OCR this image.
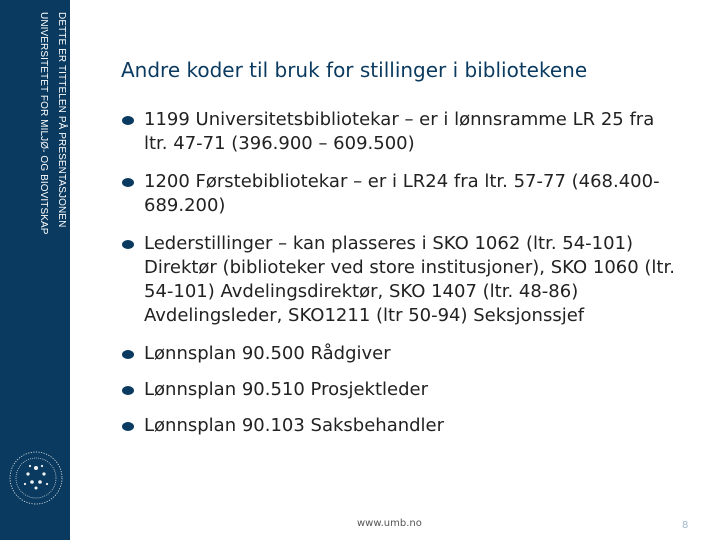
DETTE ER TITTELEN PÅ PRESENTASJONEN
UNIVERSITETET FOR MILJØ- OG BIOVITSKAP	Andre koder til bruk for stillinger i bibliotekene
1199 Universitetsbibliotekar – er i lønnsramme LR 25 fra ltr. 47-71 (396.900 – 609.500)
1200 Førstebibliotekar – er i LR24 fra ltr. 57-77 (468.400-689.200)
Lederstillinger – kan plasseres i SKO 1062 (ltr. 54-101) Direktør (biblioteker ved store institusjoner), SKO 1060 (ltr. 54-101) Avdelingsdirektør, SKO 1407 (ltr. 48-86) Avdelingsleder, SKO1211 (ltr 50-94) Seksjonssjef
Lønnsplan 90.500 Rådgiver
Lønnsplan 90.510 Prosjektleder
Lønnsplan 90.103 Saksbehandler
www.umb.no	8
